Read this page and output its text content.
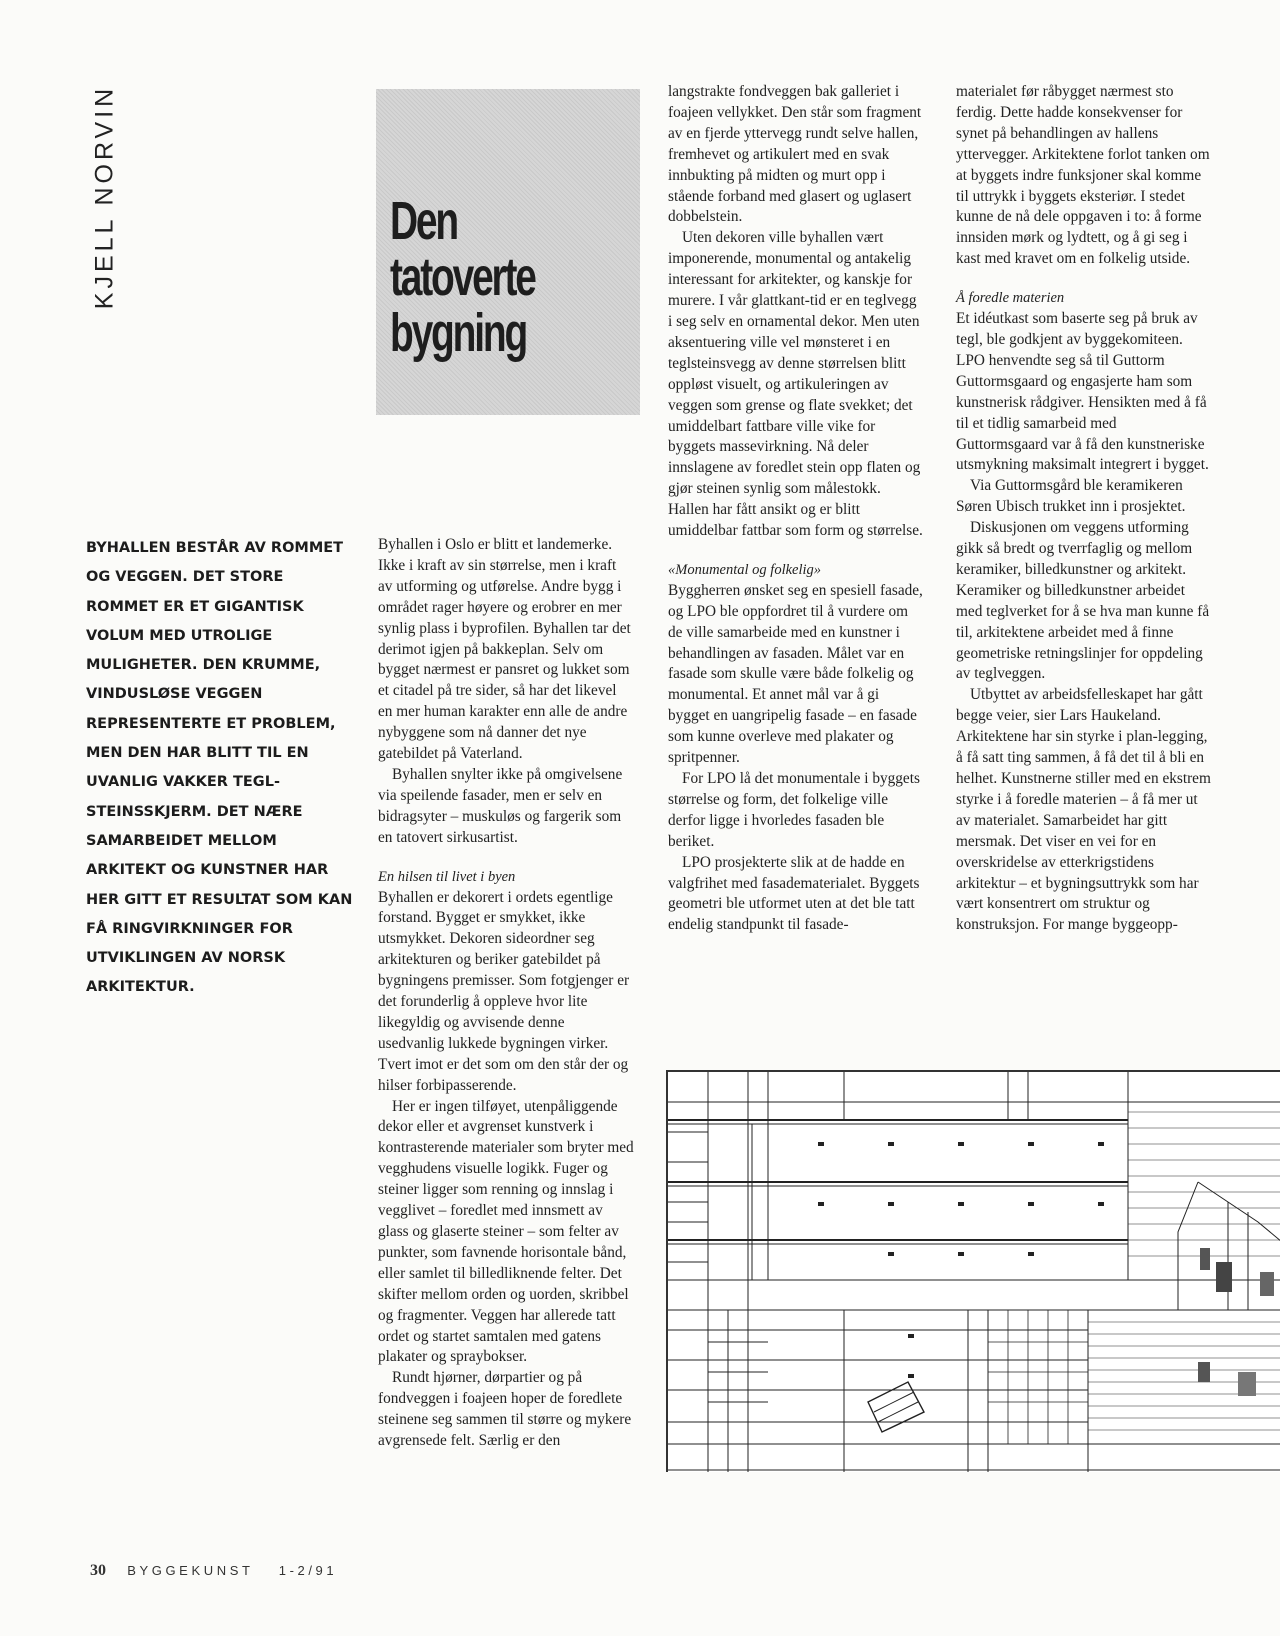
KJELL NORVIN	Den
tatoverte
bygning

BYHALLEN BESTÅR AV ROMMET OG VEGGEN. DET STORE ROMMET ER ET GIGANTISK VOLUM MED UTROLIGE MULIGHETER. DEN KRUMME, VINDUSLØSE VEGGEN REPRESENTERTE ET PROBLEM, MEN DEN HAR BLITT TIL EN UVANLIG VAKKER TEGLSTEINSSKJERM. DET NÆRE SAMARBEIDET MELLOM ARKITEKT OG KUNSTNER HAR HER GITT ET RESULTAT SOM KAN FÅ RINGVIRKNINGER FOR UTVIKLINGEN AV NORSK ARKITEKTUR.

Byhallen i Oslo er blitt et landemerke. Ikke i kraft av sin størrelse, men i kraft av utforming og utførelse. Andre bygg i området rager høyere og erobrer en mer synlig plass i byprofilen. Byhallen tar det derimot igjen på bakkeplan. Selv om bygget nærmest er pansret og lukket som et citadel på tre sider, så har det likevel en mer human karakter enn alle de andre nybyggene som nå danner det nye gatebildet på Vaterland.

Byhallen snylter ikke på omgivelsene via speilende fasader, men er selv en bidragsyter – muskuløs og fargerik som en tatovert sirkusartist.

En hilsen til livet i byen

Byhallen er dekorert i ordets egentlige forstand. Bygget er smykket, ikke utsmykket. Dekoren sideordner seg arkitekturen og beriker gatebildet på bygningens premisser. Som fotgjenger er det forunderlig å oppleve hvor lite likegyldig og avvisende denne usedvanlig lukkede bygningen virker. Tvert imot er det som om den står der og hilser forbipasserende.

Her er ingen tilføyet, utenpåliggende dekor eller et avgrenset kunstverk i kontrasterende materialer som bryter med vegghudens visuelle logikk. Fuger og steiner ligger som renning og innslag i vegglivet – foredlet med innsmett av glass og glaserte steiner – som felter av punkter, som favnende horisontale bånd, eller samlet til billedliknende felter. Det skifter mellom orden og uorden, skribbel og fragmenter. Veggen har allerede tatt ordet og startet samtalen med gatens plakater og spraybokser.

Rundt hjørner, dørpartier og på fondveggen i foajeen hoper de foredlete steinene seg sammen til større og mykere avgrensede felt. Særlig er den

langstrakte fondveggen bak galleriet i foajeen vellykket. Den står som fragment av en fjerde yttervegg rundt selve hallen, fremhevet og artikulert med en svak innbukting på midten og murt opp i stående forband med glasert og uglasert dobbelstein.

Uten dekoren ville byhallen vært imponerende, monumental og antakelig interessant for arkitekter, og kanskje for murere. I vår glattkant-tid er en teglvegg i seg selv en ornamental dekor. Men uten aksentuering ville vel mønsteret i en teglsteinsvegg av denne størrelsen blitt oppløst visuelt, og artikuleringen av veggen som grense og flate svekket; det umiddelbart fattbare ville vike for byggets massevirkning. Nå deler innslagene av foredlet stein opp flaten og gjør steinen synlig som målestokk. Hallen har fått ansikt og er blitt umiddelbar fattbar som form og størrelse.

«Monumental og folkelig»

Byggherren ønsket seg en spesiell fasade, og LPO ble oppfordret til å vurdere om de ville samarbeide med en kunstner i behandlingen av fasaden. Målet var en fasade som skulle være både folkelig og monumental. Et annet mål var å gi bygget en uangripelig fasade – en fasade som kunne overleve med plakater og spritpenner.

For LPO lå det monumentale i byggets størrelse og form, det folkelige ville derfor ligge i hvorledes fasaden ble beriket.

LPO prosjekterte slik at de hadde en valgfrihet med fasadematerialet. Byggets geometri ble utformet uten at det ble tatt endelig standpunkt til fasade-

materialet før råbygget nærmest sto ferdig. Dette hadde konsekvenser for synet på behandlingen av hallens yttervegger. Arkitektene forlot tanken om at byggets indre funksjoner skal komme til uttrykk i byggets eksteriør. I stedet kunne de nå dele oppgaven i to: å forme innsiden mørk og lydtett, og å gi seg i kast med kravet om en folkelig utside.

Å foredle materien

Et idéutkast som baserte seg på bruk av tegl, ble godkjent av byggekomiteen. LPO henvendte seg så til Guttorm Guttormsgaard og engasjerte ham som kunstnerisk rådgiver. Hensikten med å få til et tidlig samarbeid med Guttormsgaard var å få den kunstneriske utsmykning maksimalt integrert i bygget.

Via Guttormsgård ble keramikeren Søren Ubisch trukket inn i prosjektet.

Diskusjonen om veggens utforming gikk så bredt og tverrfaglig og mellom keramiker, billedkunstner og arkitekt. Keramiker og billedkunstner arbeidet med teglverket for å se hva man kunne få til, arkitektene arbeidet med å finne geometriske retningslinjer for oppdeling av teglveggen.

Utbyttet av arbeidsfelleskapet har gått begge veier, sier Lars Haukeland. Arkitektene har sin styrke i plan-legging, å få satt ting sammen, å få det til å bli en helhet. Kunstnerne stiller med en ekstrem styrke i å foredle materien – å få mer ut av materialet. Samarbeidet har gitt mersmak. Det viser en vei for en overskridelse av etterkrigstidens arkitektur – et bygningsuttrykk som har vært konsentrert om struktur og konstruksjon. For mange byggeopp-

30 BYGGEKUNST 1-2/91
